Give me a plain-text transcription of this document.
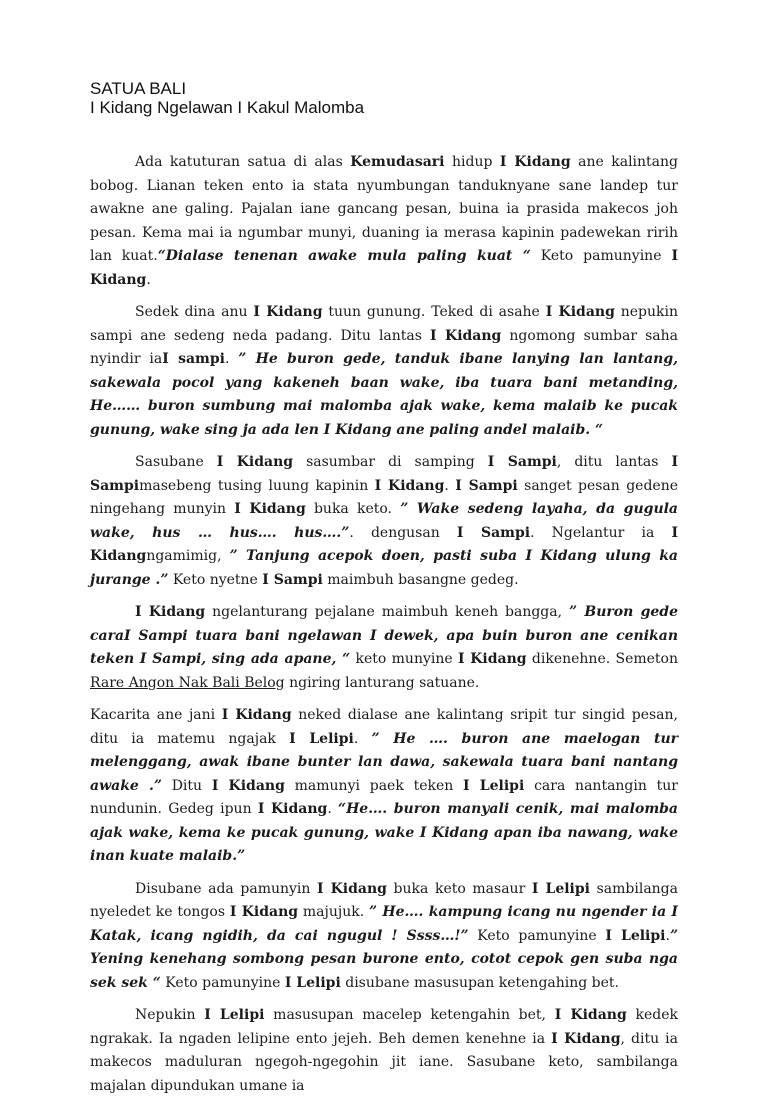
SATUA BALI
I Kidang Ngelawan I Kakul Malomba

Ada katuturan satua di alas Kemudasari hidup I Kidang ane kalintang bobog. Lianan teken ento ia stata nyumbungan tanduknyane sane landep tur awakne ane galing. Pajalan iane gancang pesan, buina ia prasida makecos joh pesan. Kema mai ia ngumbar munyi, duaning ia merasa kapinin padewekan ririh lan kuat.“Dialase tenenan awake mula paling kuat “ Keto pamunyine I Kidang.

Sedek dina anu I Kidang tuun gunung. Teked di asahe I Kidang nepukin sampi ane sedeng neda padang. Ditu lantas I Kidang ngomong sumbar saha nyindir iaI sampi. ” He buron gede, tanduk ibane lanying lan lantang, sakewala pocol yang kakeneh baan wake, iba tuara bani metanding, He…… buron sumbung mai malomba ajak wake, kema malaib ke pucak gunung, wake sing ja ada len I Kidang ane paling andel malaib. “

Sasubane I Kidang sasumbar di samping I Sampi, ditu lantas I Sampimasebeng tusing luung kapinin I Kidang. I Sampi sanget pesan gedene ningehang munyin I Kidang buka keto. ” Wake sedeng layaha, da gugula wake, hus … hus…. hus….”. dengusan I Sampi. Ngelantur ia I Kidangngamimig, ” Tanjung acepok doen, pasti suba I Kidang ulung ka jurange .” Keto nyetne I Sampi maimbuh basangne gedeg.

I Kidang ngelanturang pejalane maimbuh keneh bangga, ” Buron gede caraI Sampi tuara bani ngelawan I dewek, apa buin buron ane cenikan teken I Sampi, sing ada apane, “ keto munyine I Kidang dikenehne. Semeton Rare Angon Nak Bali Belog ngiring lanturang satuane.

Kacarita ane jani I Kidang neked dialase ane kalintang sripit tur singid pesan, ditu ia matemu ngajak I Lelipi. ” He …. buron ane maelogan tur melenggang, awak ibane bunter lan dawa, sakewala tuara bani nantang awake .” Ditu I Kidang mamunyi paek teken I Lelipi cara nantangin tur nundunin. Gedeg ipun I Kidang. “He…. buron manyali cenik, mai malomba ajak wake, kema ke pucak gunung, wake I Kidang apan iba nawang, wake inan kuate malaib.”

Disubane ada pamunyin I Kidang buka keto masaur I Lelipi sambilanga nyeledet ke tongos I Kidang majujuk. ” He…. kampung icang nu ngender ia I Katak, icang ngidih, da cai ngugul ! Ssss…!” Keto pamunyine I Lelipi.” Yening kenehang sombong pesan burone ento, cotot cepok gen suba nga sek sek “ Keto pamunyine I Lelipi disubane masusupan ketengahing bet.

Nepukin I Lelipi masusupan macelep ketengahin bet, I Kidang kedek ngrakak. Ia ngaden lelipine ento jejeh. Beh demen kenehne ia I Kidang, ditu ia makecos maduluran ngegoh-ngegohin jit iane. Sasubane keto, sambilanga majalan dipundukan umane ia
